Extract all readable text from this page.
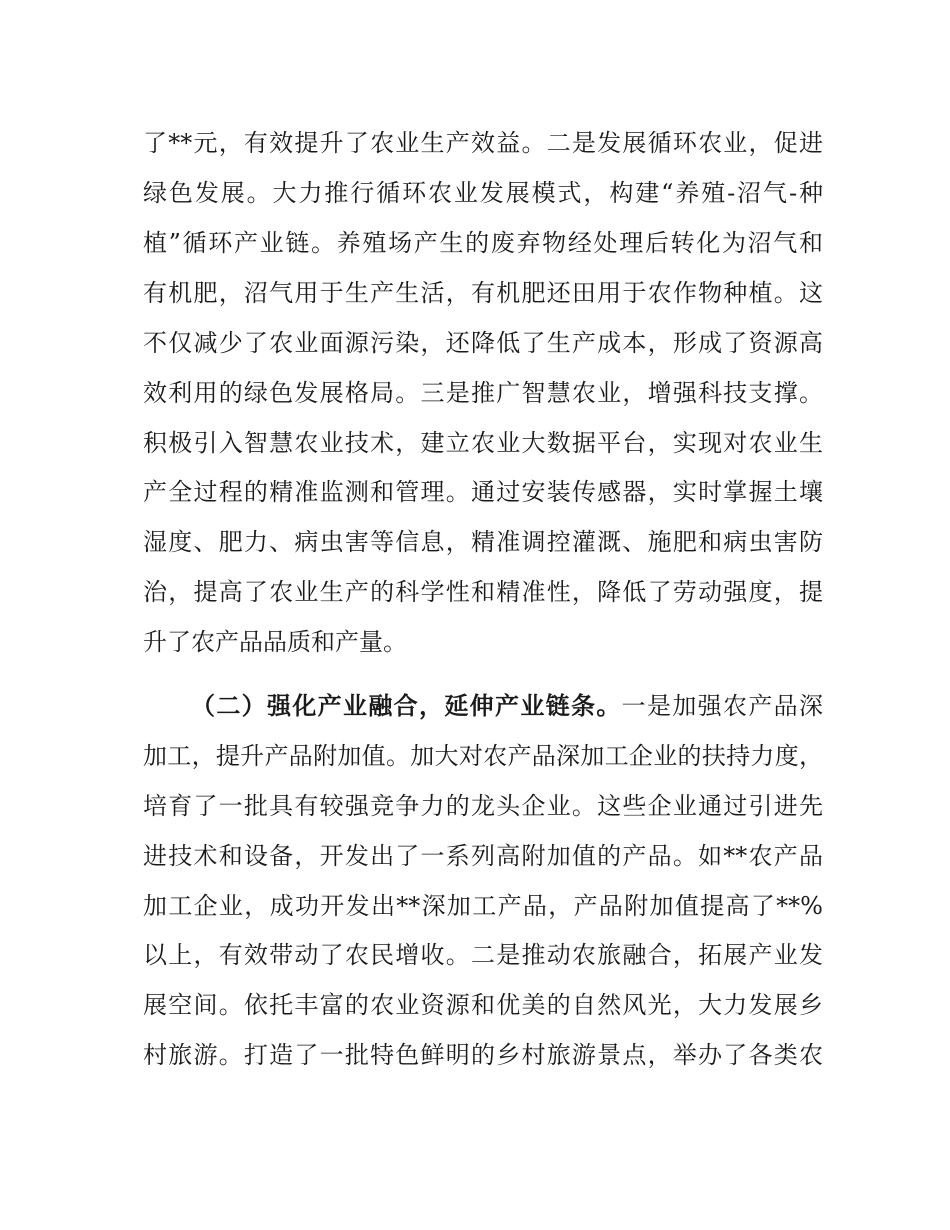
了**元，有效提升了农业生产效益。二是发展循环农业，促进
绿色发展。大力推行循环农业发展模式，构建“养殖-沼气-种
植”循环产业链。养殖场产生的废弃物经处理后转化为沼气和
有机肥，沼气用于生产生活，有机肥还田用于农作物种植。这
不仅减少了农业面源污染，还降低了生产成本，形成了资源高
效利用的绿色发展格局。三是推广智慧农业，增强科技支撑。
积极引入智慧农业技术，建立农业大数据平台，实现对农业生
产全过程的精准监测和管理。通过安装传感器，实时掌握土壤
湿度、肥力、病虫害等信息，精准调控灌溉、施肥和病虫害防
治，提高了农业生产的科学性和精准性，降低了劳动强度，提
升了农产品品质和产量。
（二）强化产业融合，延伸产业链条。一是加强农产品深
加工，提升产品附加值。加大对农产品深加工企业的扶持力度，
培育了一批具有较强竞争力的龙头企业。这些企业通过引进先
进技术和设备，开发出了一系列高附加值的产品。如**农产品
加工企业，成功开发出**深加工产品，产品附加值提高了**%
以上，有效带动了农民增收。二是推动农旅融合，拓展产业发
展空间。依托丰富的农业资源和优美的自然风光，大力发展乡
村旅游。打造了一批特色鲜明的乡村旅游景点，举办了各类农
